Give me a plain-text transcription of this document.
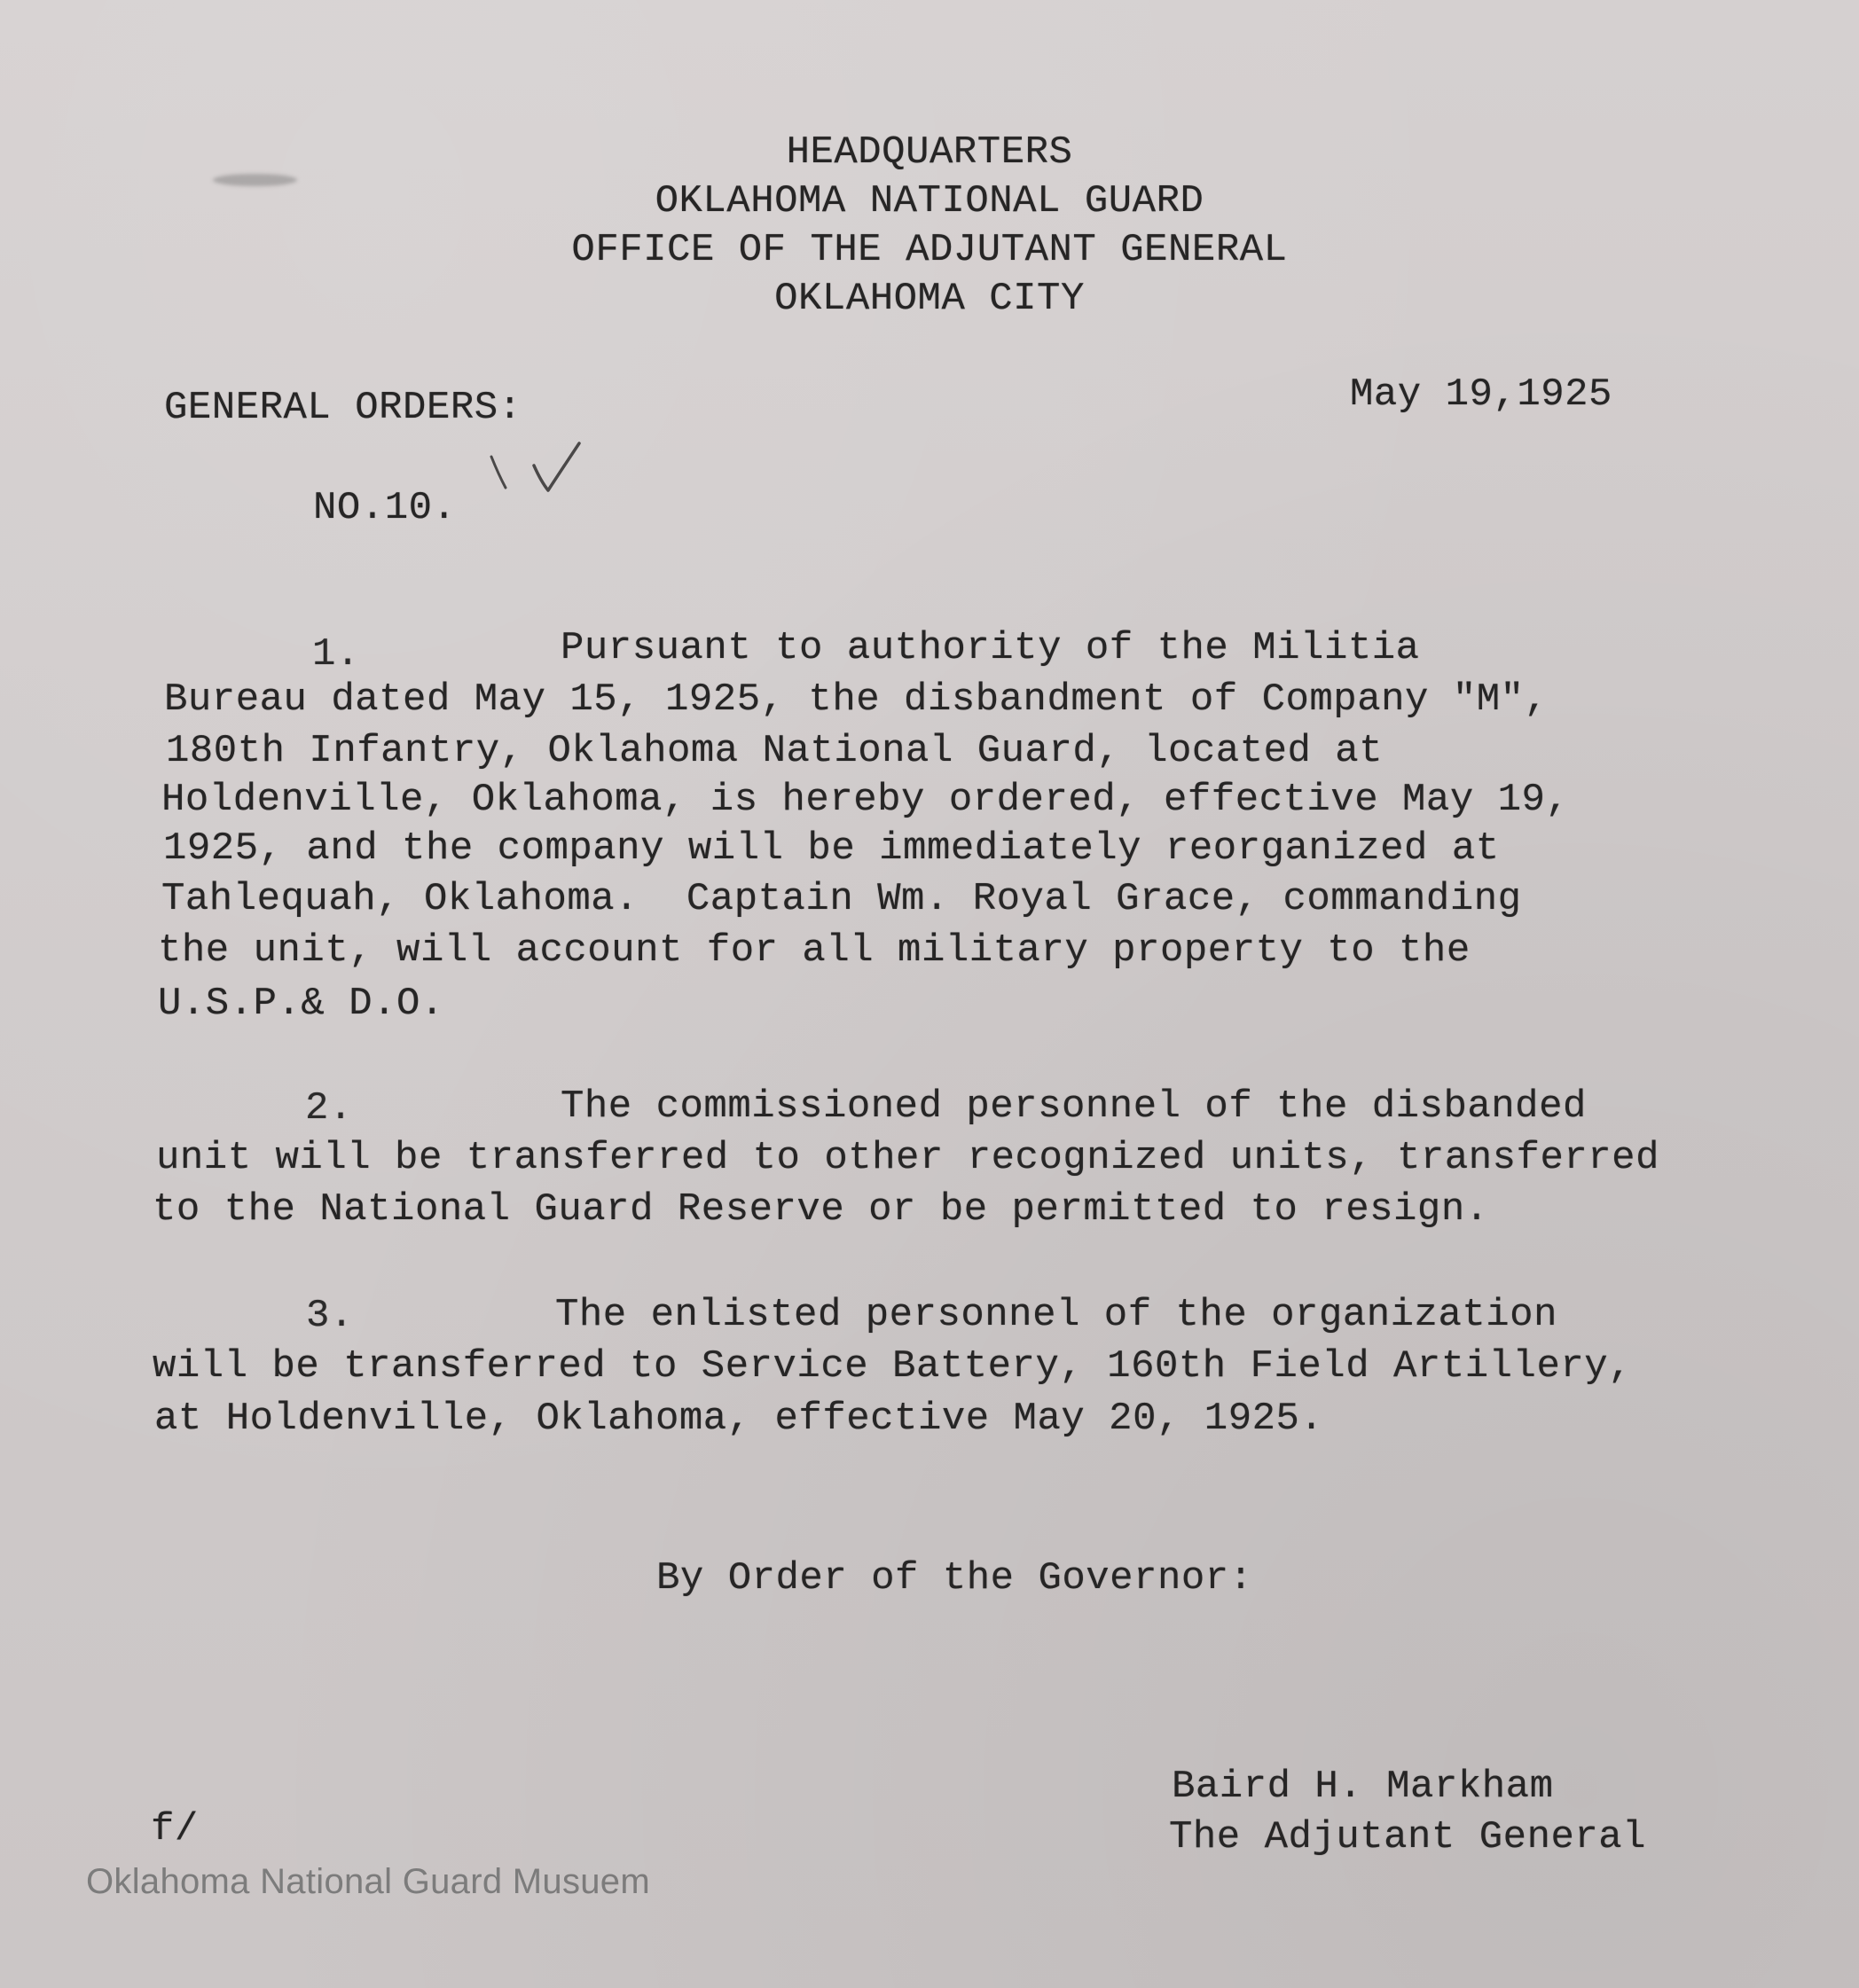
HEADQUARTERS
OKLAHOMA NATIONAL GUARD
OFFICE OF THE ADJUTANT GENERAL
OKLAHOMA CITY
GENERAL ORDERS:	May 19,1925
NO.10.
1.	Pursuant to authority of the Militia
Bureau dated May 15, 1925, the disbandment of Company "M",
180th Infantry, Oklahoma National Guard, located at
Holdenville, Oklahoma, is hereby ordered, effective May 19,
1925, and the company will be immediately reorganized at
Tahlequah, Oklahoma.  Captain Wm. Royal Grace, commanding
the unit, will account for all military property to the
U.S.P.& D.O.
2.	The commissioned personnel of the disbanded
unit will be transferred to other recognized units, transferred
to the National Guard Reserve or be permitted to resign.
3.	The enlisted personnel of the organization
will be transferred to Service Battery, 160th Field Artillery,
at Holdenville, Oklahoma, effective May 20, 1925.
By Order of the Governor:
Baird H. Markham
The Adjutant General
f/
Oklahoma National Guard Musuem
